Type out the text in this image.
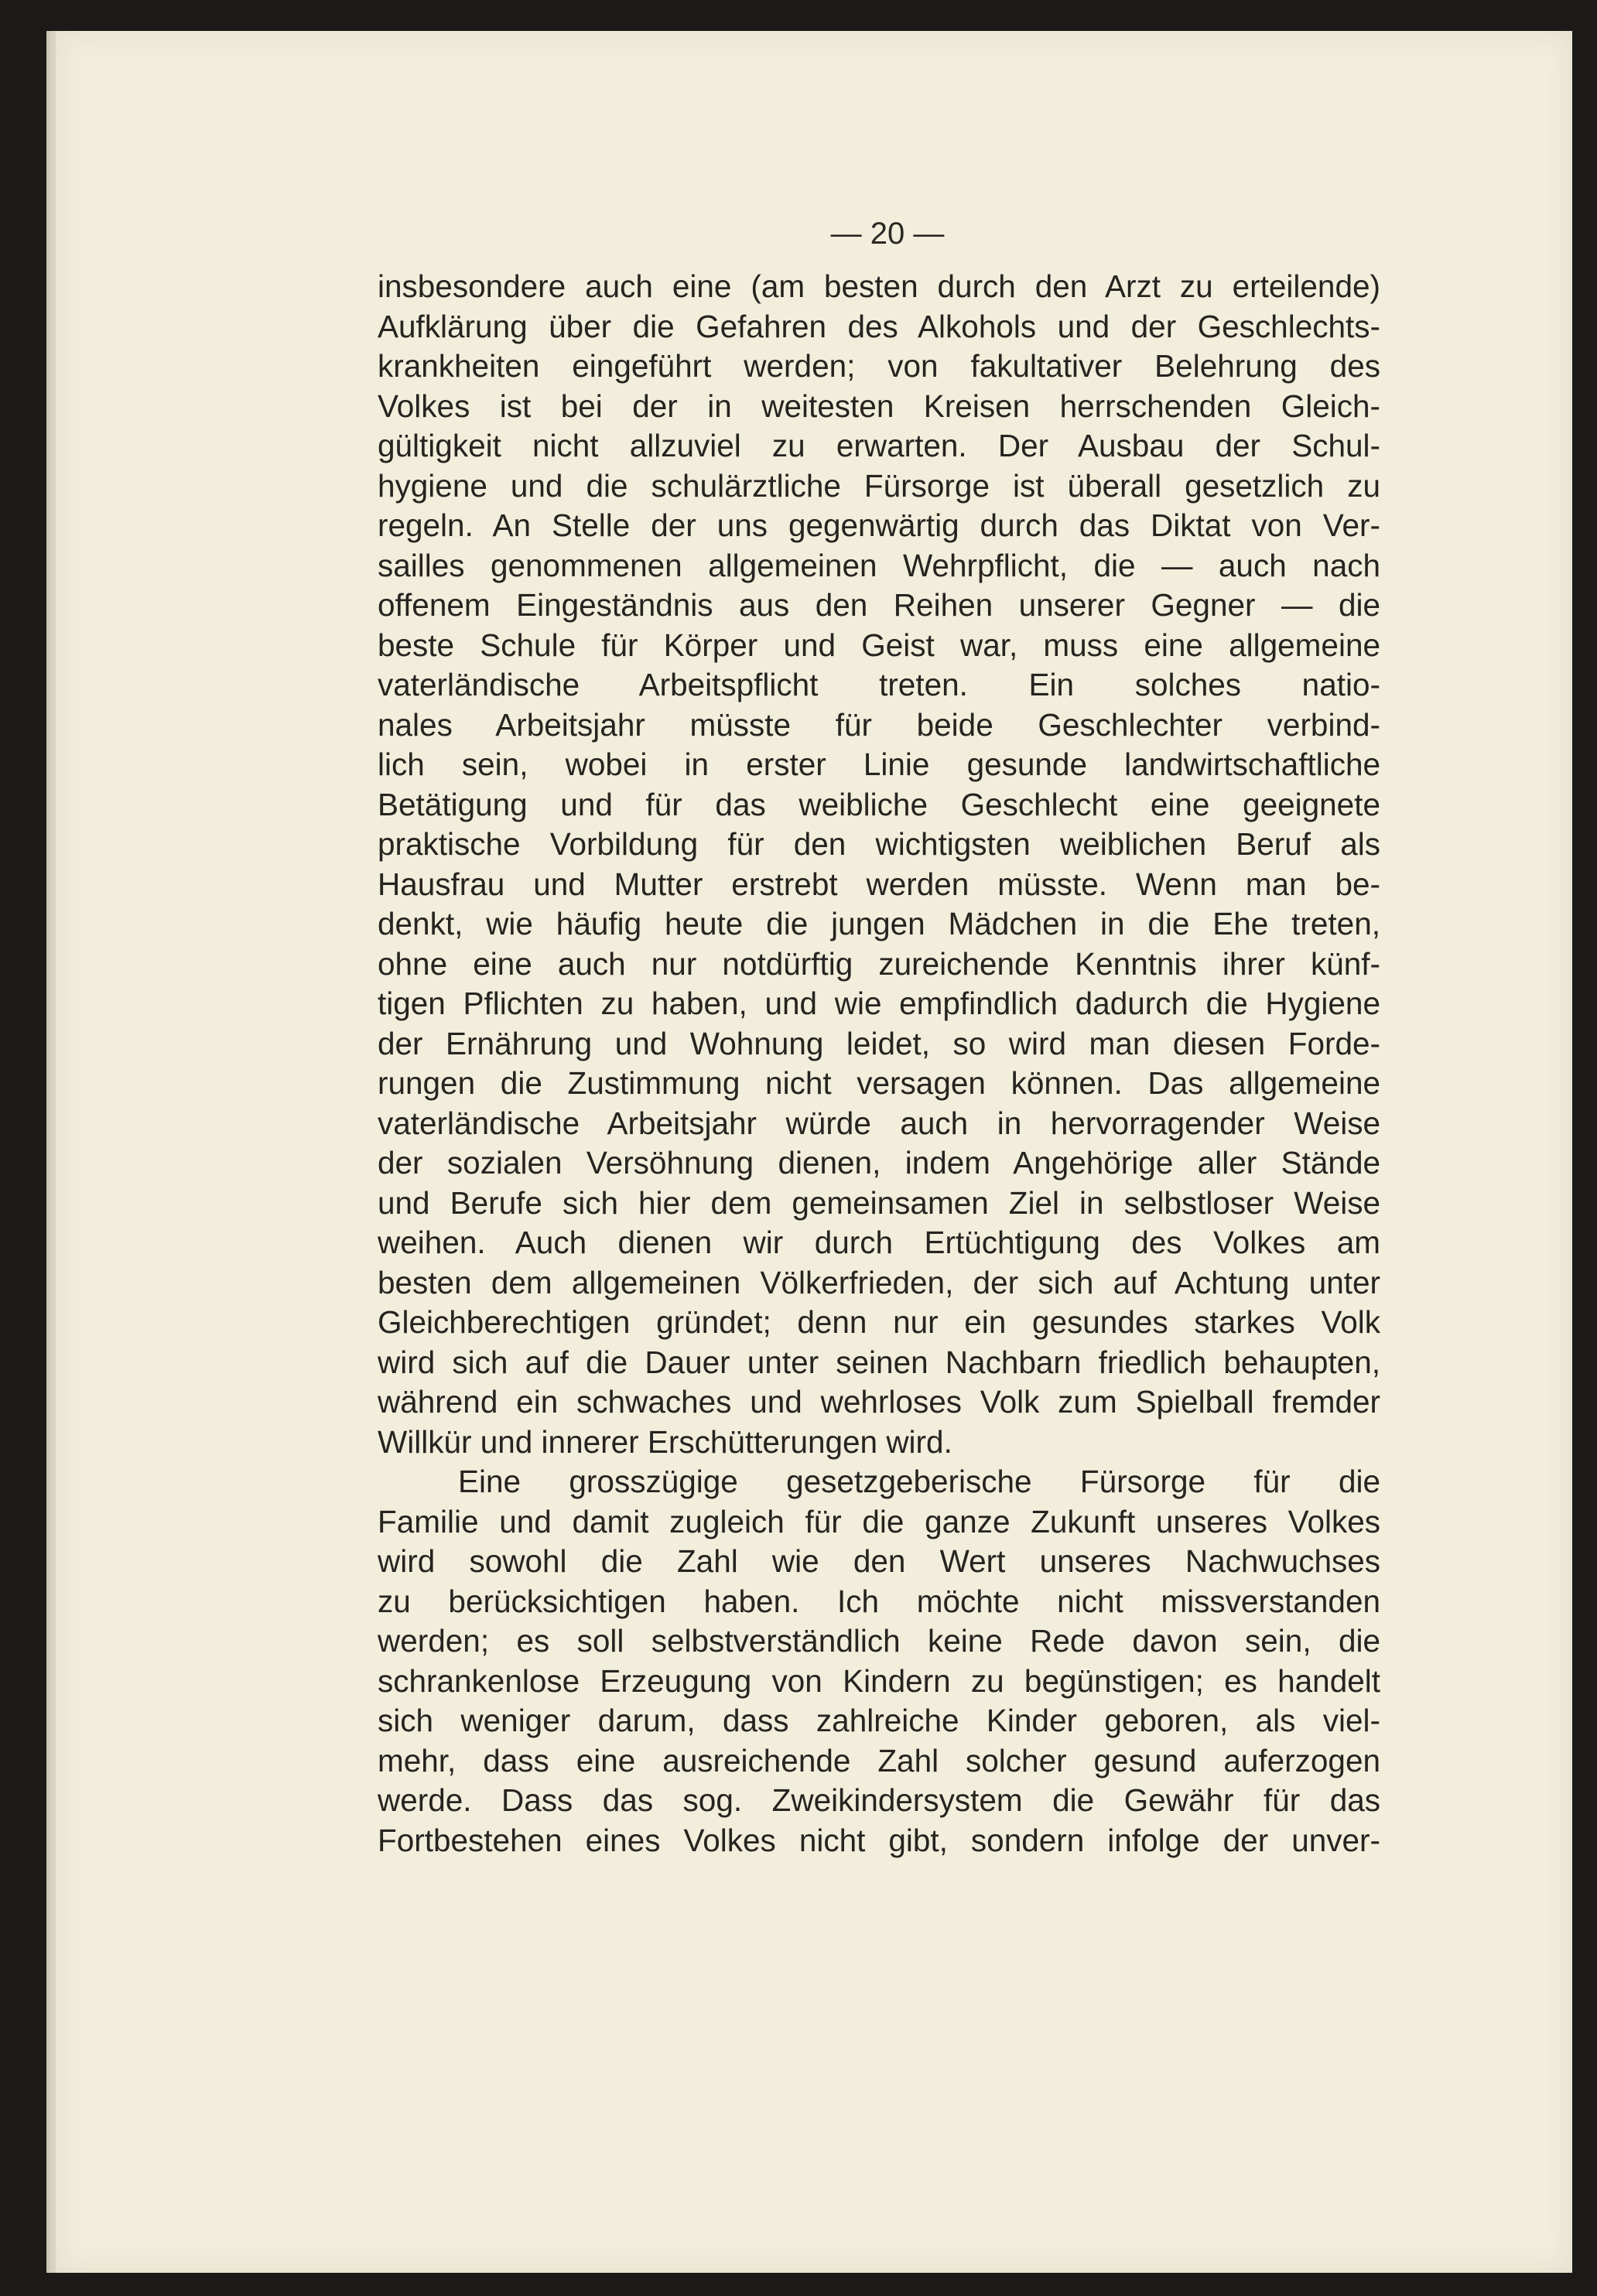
— 20 —
insbesondere auch eine (am besten durch den Arzt zu erteilende)
Aufklärung über die Gefahren des Alkohols und der Geschlechts-
krankheiten eingeführt werden; von fakultativer Belehrung des
Volkes ist bei der in weitesten Kreisen herrschenden Gleich-
gültigkeit nicht allzuviel zu erwarten. Der Ausbau der Schul-
hygiene und die schulärztliche Fürsorge ist überall gesetzlich zu
regeln. An Stelle der uns gegenwärtig durch das Diktat von Ver-
sailles genommenen allgemeinen Wehrpflicht, die — auch nach
offenem Eingeständnis aus den Reihen unserer Gegner — die
beste Schule für Körper und Geist war, muss eine allgemeine
vaterländische Arbeitspflicht treten. Ein solches natio-
nales Arbeitsjahr müsste für beide Geschlechter verbind-
lich sein, wobei in erster Linie gesunde landwirtschaftliche
Betätigung und für das weibliche Geschlecht eine geeignete
praktische Vorbildung für den wichtigsten weiblichen Beruf als
Hausfrau und Mutter erstrebt werden müsste. Wenn man be-
denkt, wie häufig heute die jungen Mädchen in die Ehe treten,
ohne eine auch nur notdürftig zureichende Kenntnis ihrer künf-
tigen Pflichten zu haben, und wie empfindlich dadurch die Hygiene
der Ernährung und Wohnung leidet, so wird man diesen Forde-
rungen die Zustimmung nicht versagen können. Das allgemeine
vaterländische Arbeitsjahr würde auch in hervorragender Weise
der sozialen Versöhnung dienen, indem Angehörige aller Stände
und Berufe sich hier dem gemeinsamen Ziel in selbstloser Weise
weihen. Auch dienen wir durch Ertüchtigung des Volkes am
besten dem allgemeinen Völkerfrieden, der sich auf Achtung unter
Gleichberechtigen gründet; denn nur ein gesundes starkes Volk
wird sich auf die Dauer unter seinen Nachbarn friedlich behaupten,
während ein schwaches und wehrloses Volk zum Spielball fremder
Willkür und innerer Erschütterungen wird.
Eine grosszügige gesetzgeberische Fürsorge für die
Familie und damit zugleich für die ganze Zukunft unseres Volkes
wird sowohl die Zahl wie den Wert unseres Nachwuchses
zu berücksichtigen haben. Ich möchte nicht missverstanden
werden; es soll selbstverständlich keine Rede davon sein, die
schrankenlose Erzeugung von Kindern zu begünstigen; es handelt
sich weniger darum, dass zahlreiche Kinder geboren, als viel-
mehr, dass eine ausreichende Zahl solcher gesund auferzogen
werde. Dass das sog. Zweikindersystem die Gewähr für das
Fortbestehen eines Volkes nicht gibt, sondern infolge der unver-
